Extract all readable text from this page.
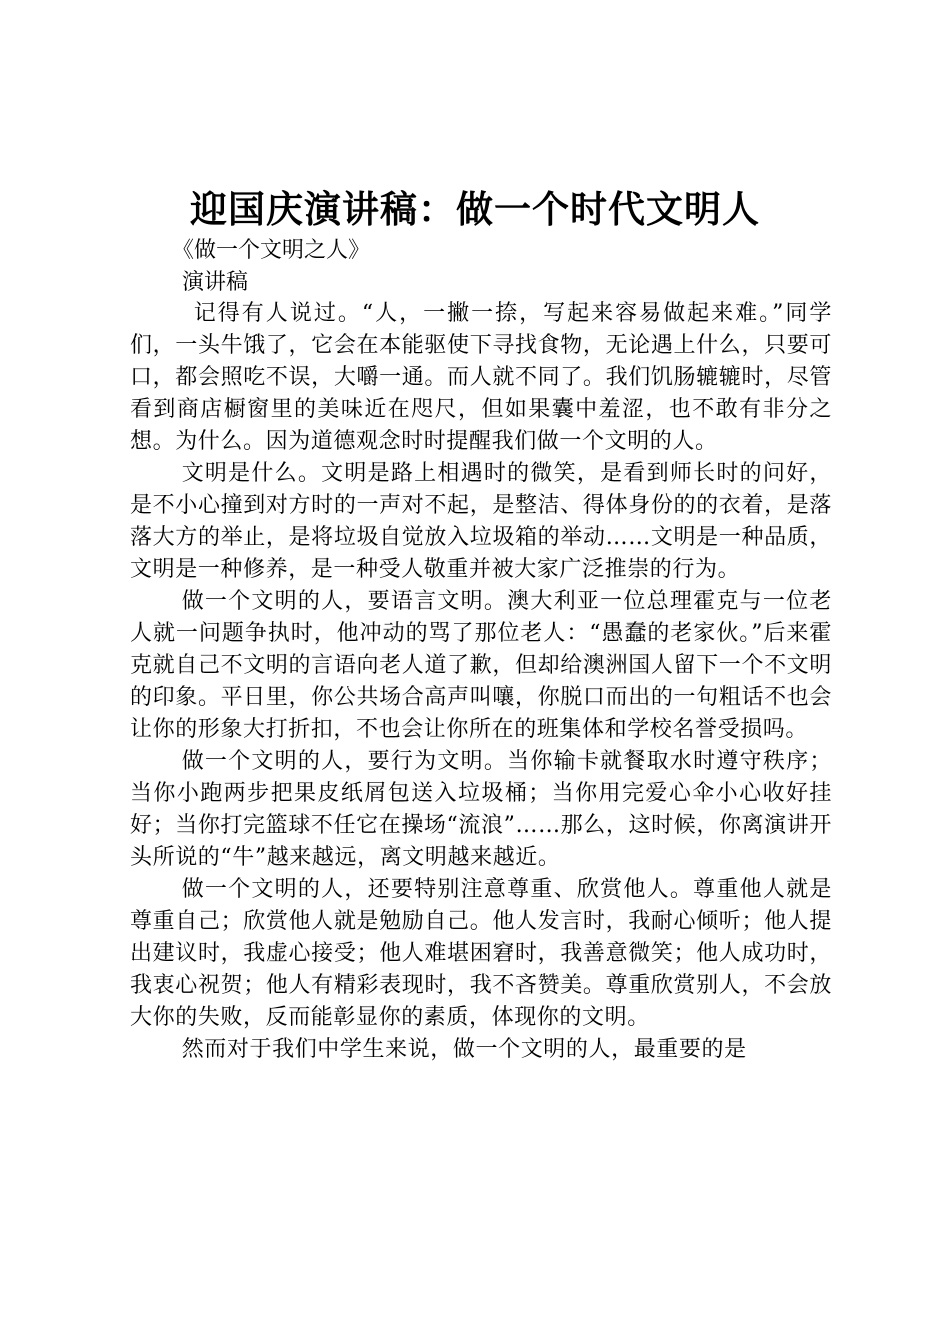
迎国庆演讲稿：做一个时代文明人
《做一个文明之人》
演讲稿

记得有人说过。“人，一撇一捺，写起来容易做起来难。”同学们，一头牛饿了，它会在本能驱使下寻找食物，无论遇上什么，只要可口，都会照吃不误，大嚼一通。而人就不同了。我们饥肠辘辘时，尽管看到商店橱窗里的美味近在咫尺，但如果囊中羞涩，也不敢有非分之想。为什么。因为道德观念时时提醒我们做一个文明的人。

文明是什么。文明是路上相遇时的微笑，是看到师长时的问好，是不小心撞到对方时的一声对不起，是整洁、得体身份的的衣着，是落落大方的举止，是将垃圾自觉放入垃圾箱的举动……文明是一种品质，文明是一种修养，是一种受人敬重并被大家广泛推崇的行为。

做一个文明的人，要语言文明。澳大利亚一位总理霍克与一位老人就一问题争执时，他冲动的骂了那位老人：“愚蠢的老家伙。”后来霍克就自己不文明的言语向老人道了歉，但却给澳洲国人留下一个不文明的印象。平日里，你公共场合高声叫嚷，你脱口而出的一句粗话不也会让你的形象大打折扣，不也会让你所在的班集体和学校名誉受损吗。

做一个文明的人，要行为文明。当你输卡就餐取水时遵守秩序；当你小跑两步把果皮纸屑包送入垃圾桶；当你用完爱心伞小心收好挂好；当你打完篮球不任它在操场“流浪”……那么，这时候，你离演讲开头所说的“牛”越来越远，离文明越来越近。

做一个文明的人，还要特别注意尊重、欣赏他人。尊重他人就是尊重自己；欣赏他人就是勉励自己。他人发言时，我耐心倾听；他人提出建议时，我虚心接受；他人难堪困窘时，我善意微笑；他人成功时，我衷心祝贺；他人有精彩表现时，我不吝赞美。尊重欣赏别人，不会放大你的失败，反而能彰显你的素质，体现你的文明。

然而对于我们中学生来说，做一个文明的人，最重要的是
